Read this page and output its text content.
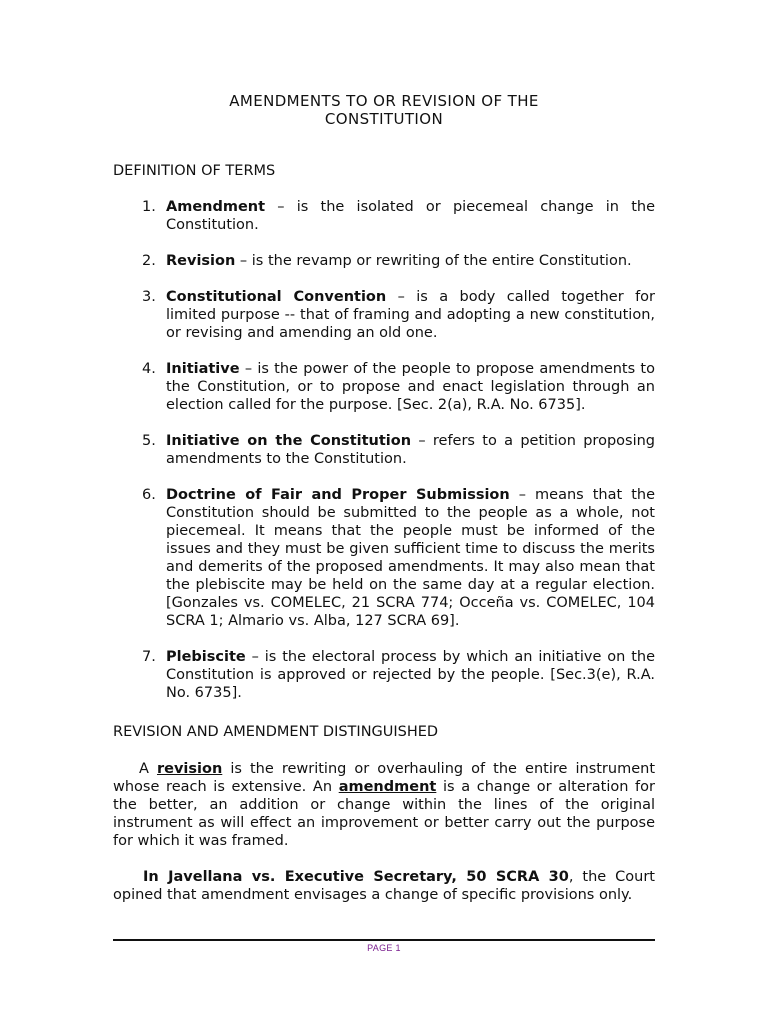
AMENDMENTS TO OR REVISION OF THE
CONSTITUTION
DEFINITION OF TERMS
1. Amendment – is the isolated or piecemeal change in the Constitution.
2. Revision – is the revamp or rewriting of the entire Constitution.
3. Constitutional Convention – is a body called together for limited purpose -- that of framing and adopting a new constitution, or revising and amending an old one.
4. Initiative – is the power of the people to propose amendments to the Constitution, or to propose and enact legislation through an election called for the purpose. [Sec. 2(a), R.A. No. 6735].
5. Initiative on the Constitution – refers to a petition proposing amendments to the Constitution.
6. Doctrine of Fair and Proper Submission – means that the Constitution should be submitted to the people as a whole, not piecemeal. It means that the people must be informed of the issues and they must be given sufficient time to discuss the merits and demerits of the proposed amendments. It may also mean that the plebiscite may be held on the same day at a regular election. [Gonzales vs. COMELEC, 21 SCRA 774; Occeña vs. COMELEC, 104 SCRA 1; Almario vs. Alba, 127 SCRA 69].
7. Plebiscite – is the electoral process by which an initiative on the Constitution is approved or rejected by the people. [Sec.3(e), R.A. No. 6735].
REVISION AND AMENDMENT DISTINGUISHED

A revision is the rewriting or overhauling of the entire instrument whose reach is extensive. An amendment is a change or alteration for the better, an addition or change within the lines of the original instrument as will effect an improvement or better carry out the purpose for which it was framed.

In Javellana vs. Executive Secretary, 50 SCRA 30, the Court opined that amendment envisages a change of specific provisions only.

PAGE 1
